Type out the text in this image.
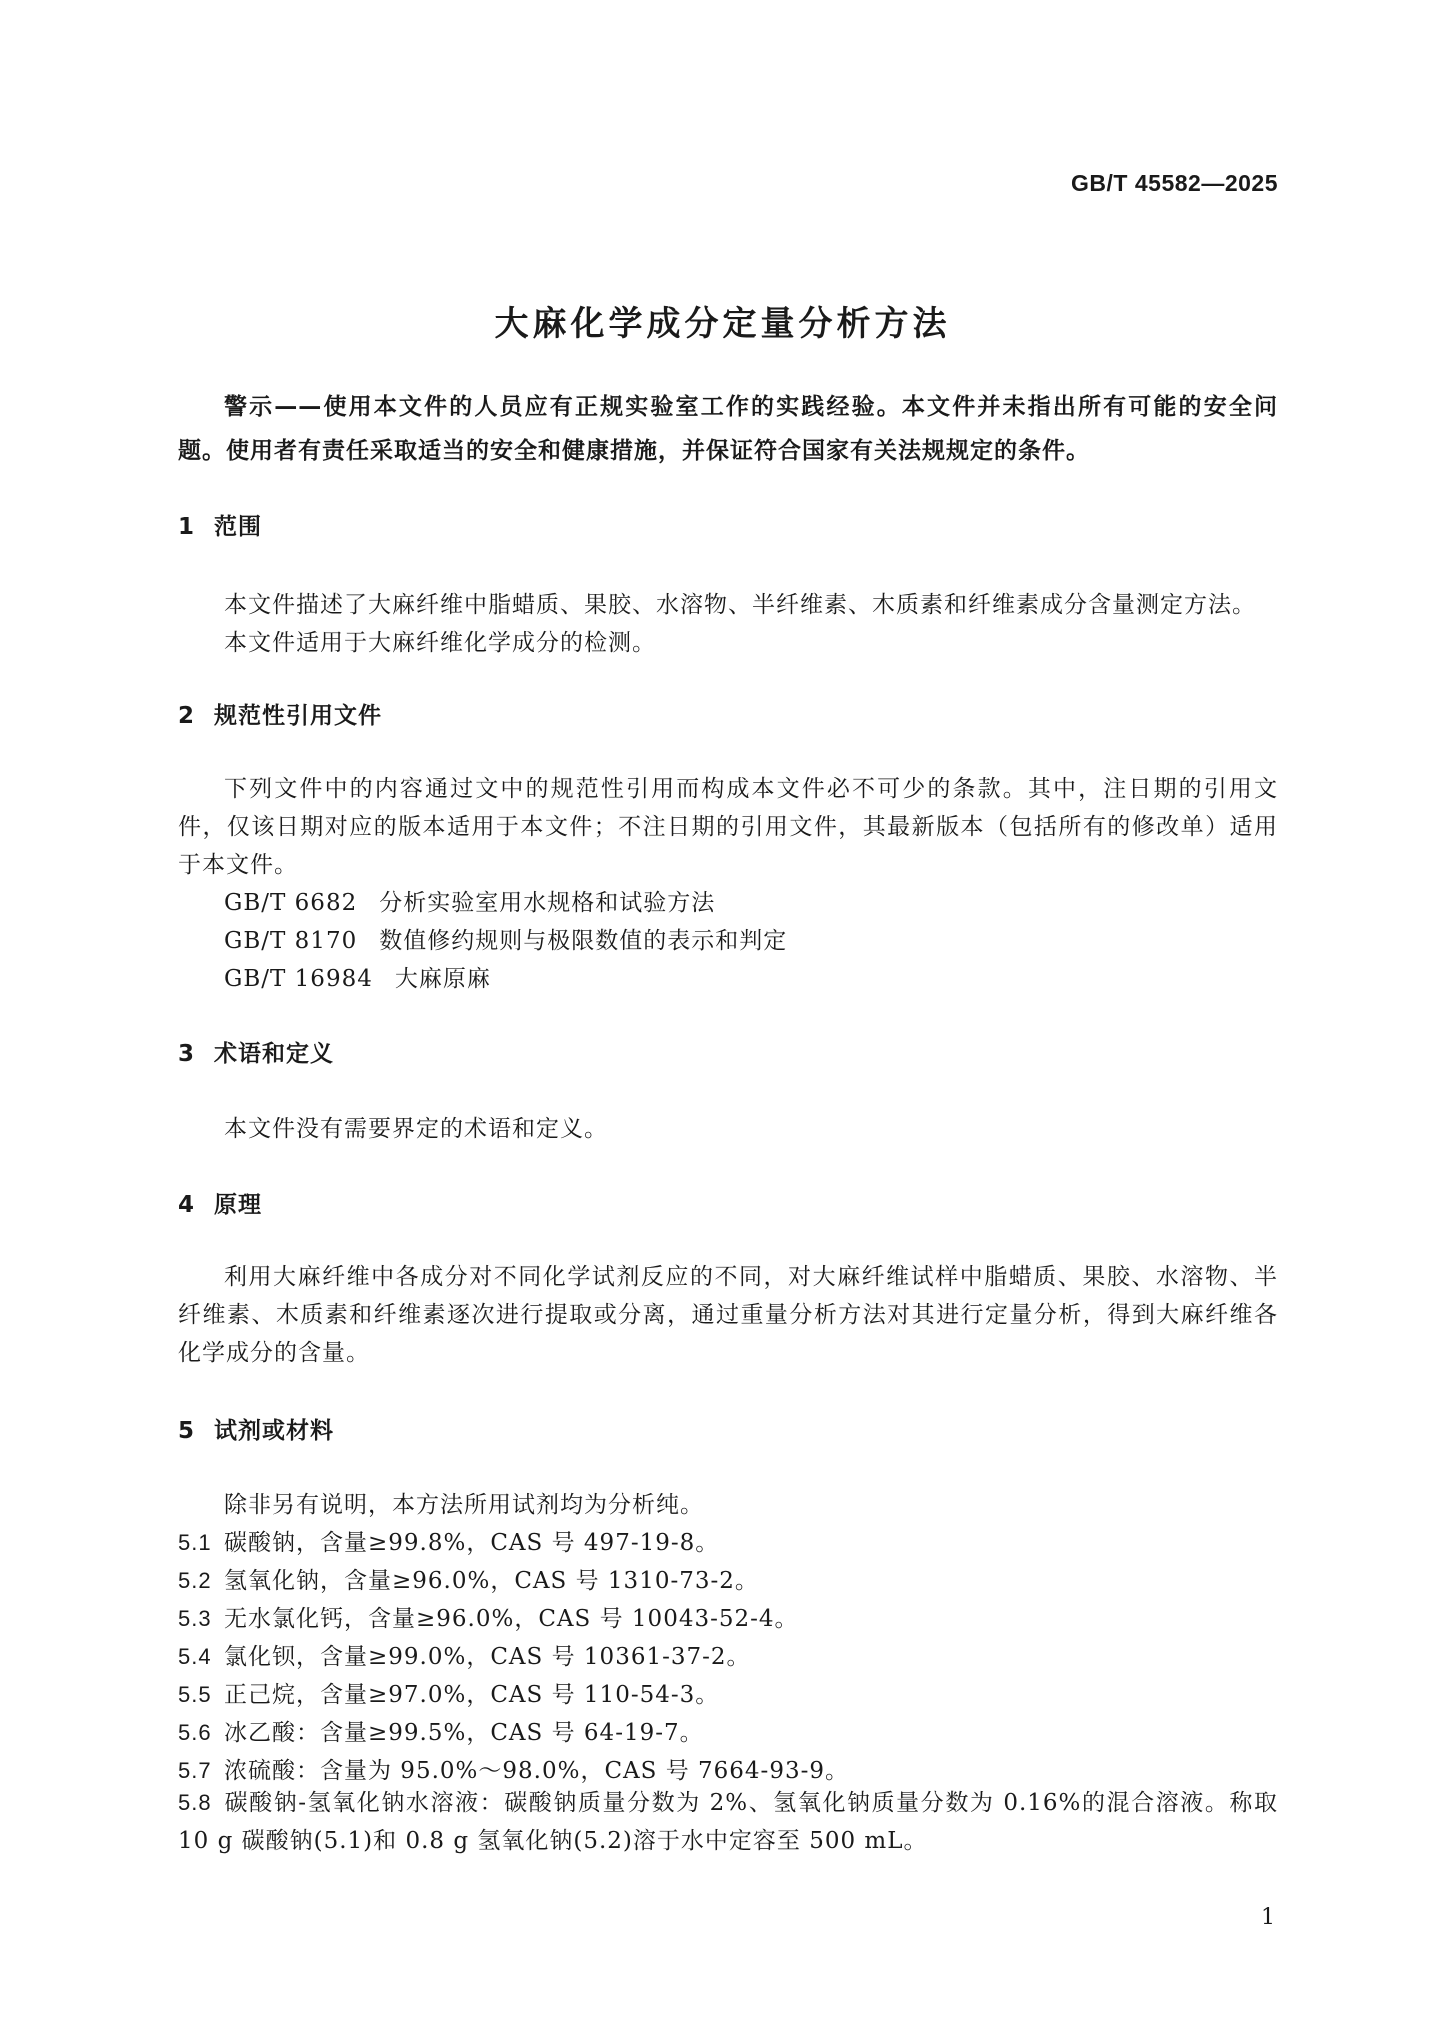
GB/T 45582—2025
大麻化学成分定量分析方法
警示——使用本文件的人员应有正规实验室工作的实践经验。本文件并未指出所有可能的安全问题。使用者有责任采取适当的安全和健康措施，并保证符合国家有关法规规定的条件。
1 范围
本文件描述了大麻纤维中脂蜡质、果胶、水溶物、半纤维素、木质素和纤维素成分含量测定方法。
本文件适用于大麻纤维化学成分的检测。
2 规范性引用文件
下列文件中的内容通过文中的规范性引用而构成本文件必不可少的条款。其中，注日期的引用文件，仅该日期对应的版本适用于本文件；不注日期的引用文件，其最新版本（包括所有的修改单）适用于本文件。
GB/T 6682 分析实验室用水规格和试验方法
GB/T 8170 数值修约规则与极限数值的表示和判定
GB/T 16984 大麻原麻
3 术语和定义
本文件没有需要界定的术语和定义。
4 原理
利用大麻纤维中各成分对不同化学试剂反应的不同，对大麻纤维试样中脂蜡质、果胶、水溶物、半纤维素、木质素和纤维素逐次进行提取或分离，通过重量分析方法对其进行定量分析，得到大麻纤维各化学成分的含量。
5 试剂或材料
除非另有说明，本方法所用试剂均为分析纯。
5.1 碳酸钠，含量≥99.8%，CAS 号 497-19-8。
5.2 氢氧化钠，含量≥96.0%，CAS 号 1310-73-2。
5.3 无水氯化钙，含量≥96.0%，CAS 号 10043-52-4。
5.4 氯化钡，含量≥99.0%，CAS 号 10361-37-2。
5.5 正己烷，含量≥97.0%，CAS 号 110-54-3。
5.6 冰乙酸：含量≥99.5%，CAS 号 64-19-7。
5.7 浓硫酸：含量为 95.0%～98.0%，CAS 号 7664-93-9。
5.8 碳酸钠-氢氧化钠水溶液：碳酸钠质量分数为 2%、氢氧化钠质量分数为 0.16%的混合溶液。称取 10 g 碳酸钠(5.1)和 0.8 g 氢氧化钠(5.2)溶于水中定容至 500 mL。
1
